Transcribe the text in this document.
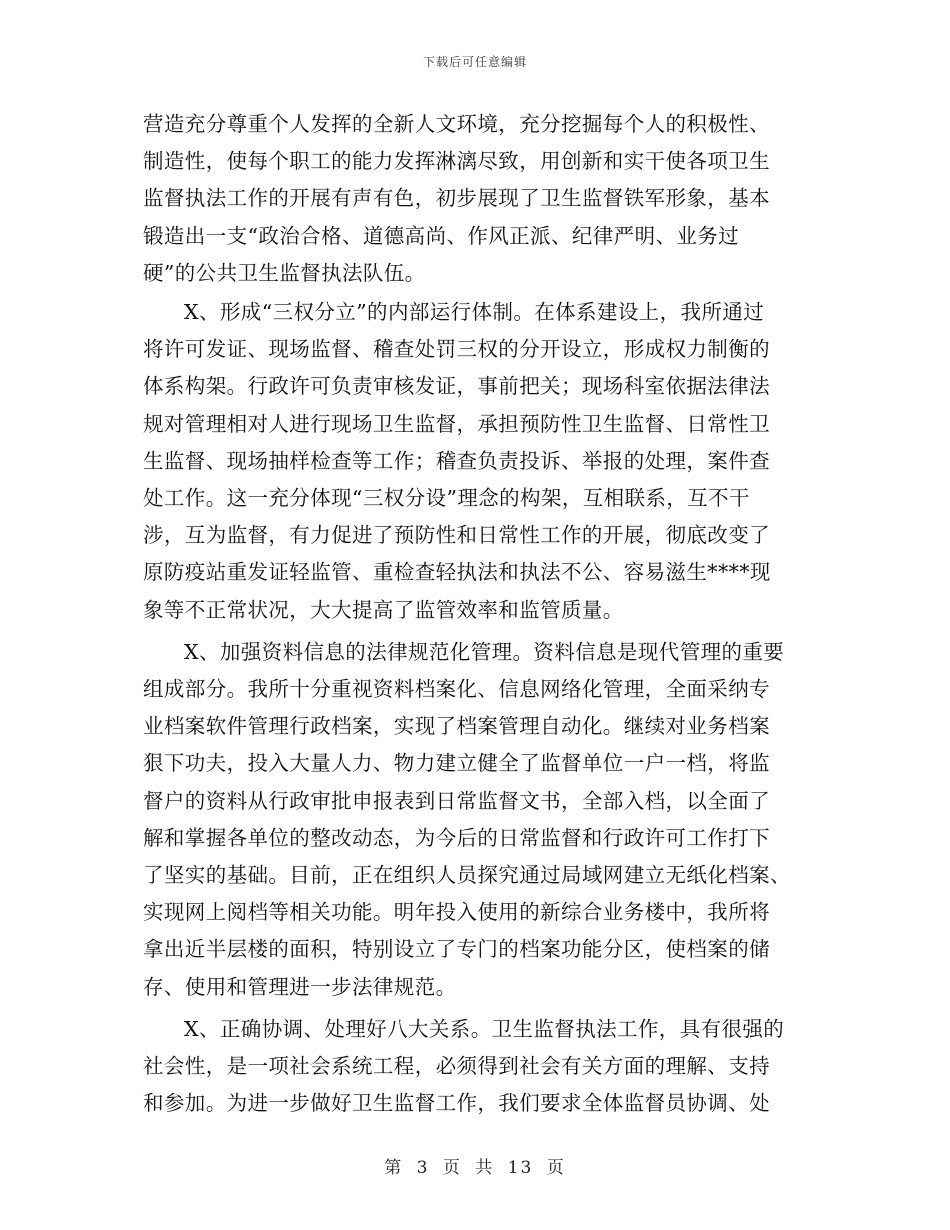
下载后可任意编辑

营造充分尊重个人发挥的全新人文环境，充分挖掘每个人的积极性、
制造性，使每个职工的能力发挥淋漓尽致，用创新和实干使各项卫生
监督执法工作的开展有声有色，初步展现了卫生监督铁军形象，基本
锻造出一支“政治合格、道德高尚、作风正派、纪律严明、业务过
硬”的公共卫生监督执法队伍。

X、形成“三权分立”的内部运行体制。在体系建设上，我所通过
将许可发证、现场监督、稽查处罚三权的分开设立，形成权力制衡的
体系构架。行政许可负责审核发证，事前把关；现场科室依据法律法
规对管理相对人进行现场卫生监督，承担预防性卫生监督、日常性卫
生监督、现场抽样检查等工作；稽查负责投诉、举报的处理，案件查
处工作。这一充分体现“三权分设”理念的构架，互相联系，互不干
涉，互为监督，有力促进了预防性和日常性工作的开展，彻底改变了
原防疫站重发证轻监管、重检查轻执法和执法不公、容易滋生****现
象等不正常状况，大大提高了监管效率和监管质量。

X、加强资料信息的法律规范化管理。资料信息是现代管理的重要
组成部分。我所十分重视资料档案化、信息网络化管理，全面采纳专
业档案软件管理行政档案，实现了档案管理自动化。继续对业务档案
狠下功夫，投入大量人力、物力建立健全了监督单位一户一档，将监
督户的资料从行政审批申报表到日常监督文书，全部入档，以全面了
解和掌握各单位的整改动态，为今后的日常监督和行政许可工作打下
了坚实的基础。目前，正在组织人员探究通过局域网建立无纸化档案、
实现网上阅档等相关功能。明年投入使用的新综合业务楼中，我所将
拿出近半层楼的面积，特别设立了专门的档案功能分区，使档案的储
存、使用和管理进一步法律规范。

X、正确协调、处理好八大关系。卫生监督执法工作，具有很强的
社会性，是一项社会系统工程，必须得到社会有关方面的理解、支持
和参加。为进一步做好卫生监督工作，我们要求全体监督员协调、处

第 3 页 共 13 页
